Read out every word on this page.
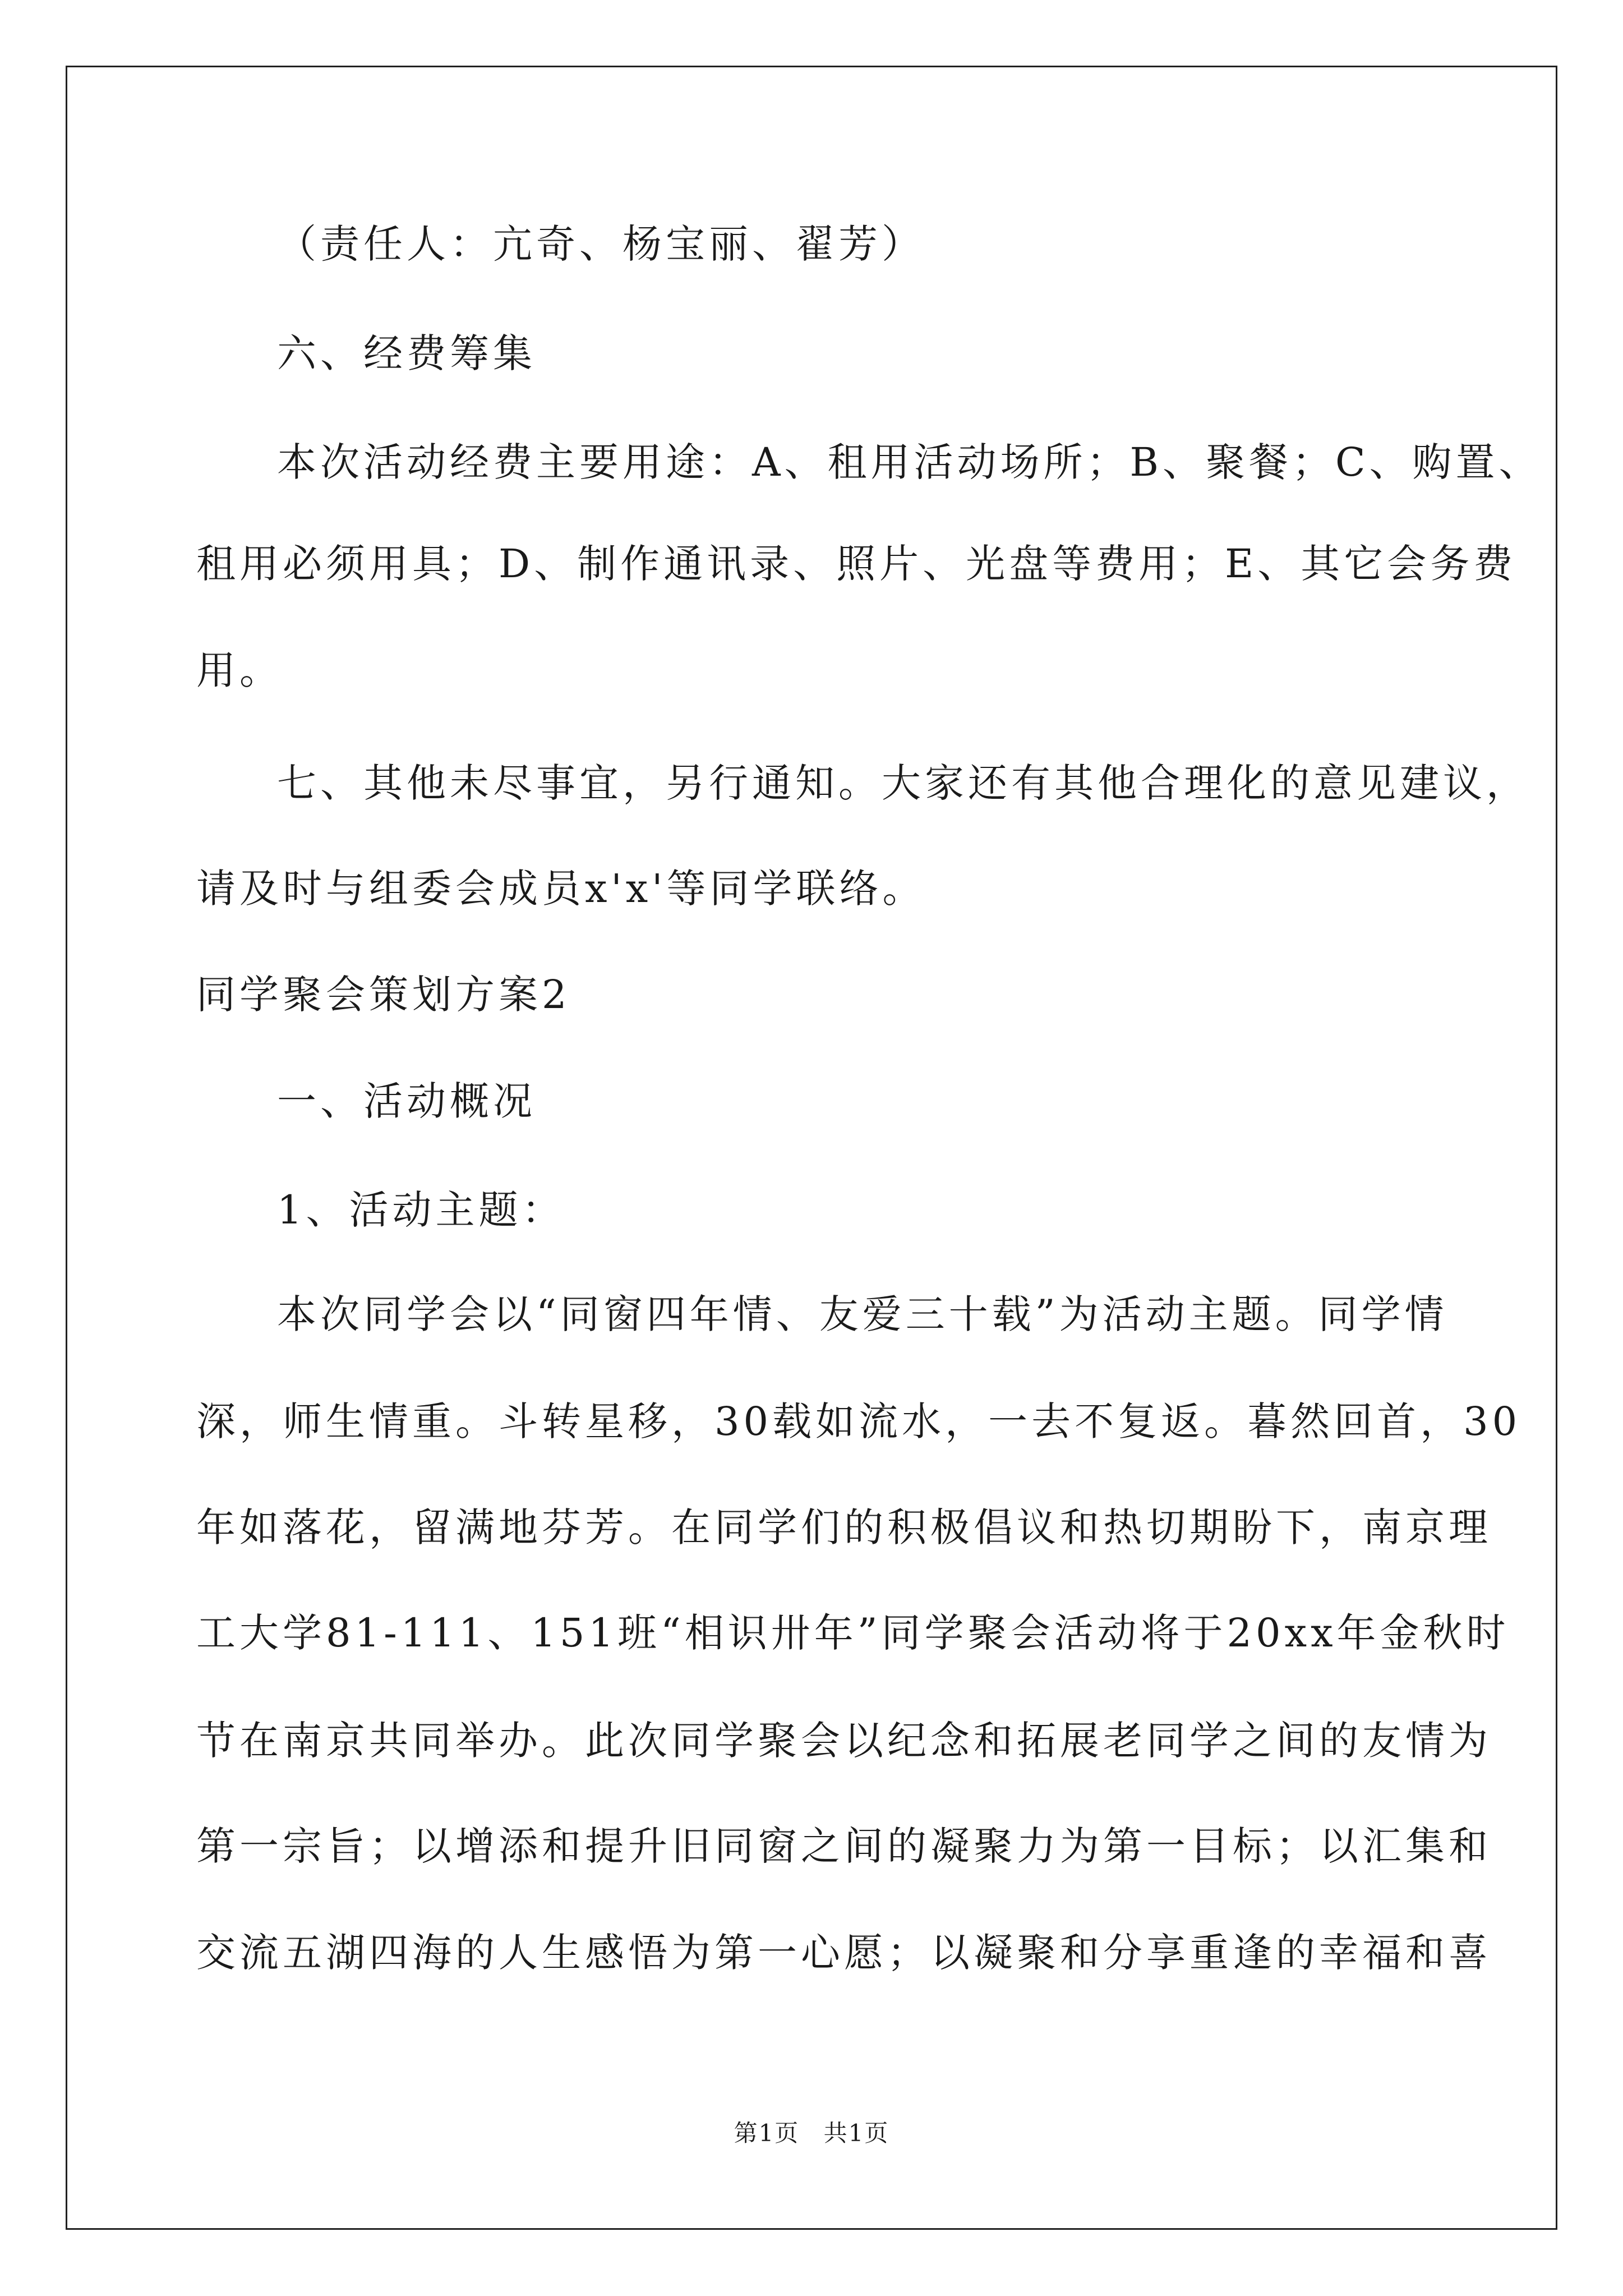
（责任人：亢奇、杨宝丽、翟芳）
六、经费筹集
本次活动经费主要用途：A、租用活动场所；B、聚餐；C、购置、
租用必须用具；D、制作通讯录、照片、光盘等费用；E、其它会务费
用。
七、其他未尽事宜，另行通知。大家还有其他合理化的意见建议，
请及时与组委会成员x'x'等同学联络。
同学聚会策划方案2
一、活动概况
1、活动主题：
本次同学会以“同窗四年情、友爱三十载”为活动主题。同学情
深，师生情重。斗转星移，30载如流水，一去不复返。暮然回首，30
年如落花，留满地芬芳。在同学们的积极倡议和热切期盼下，南京理
工大学81-111、151班“相识卅年”同学聚会活动将于20xx年金秋时
节在南京共同举办。此次同学聚会以纪念和拓展老同学之间的友情为
第一宗旨；以增添和提升旧同窗之间的凝聚力为第一目标；以汇集和
交流五湖四海的人生感悟为第一心愿；以凝聚和分享重逢的幸福和喜
第1页 共1页
